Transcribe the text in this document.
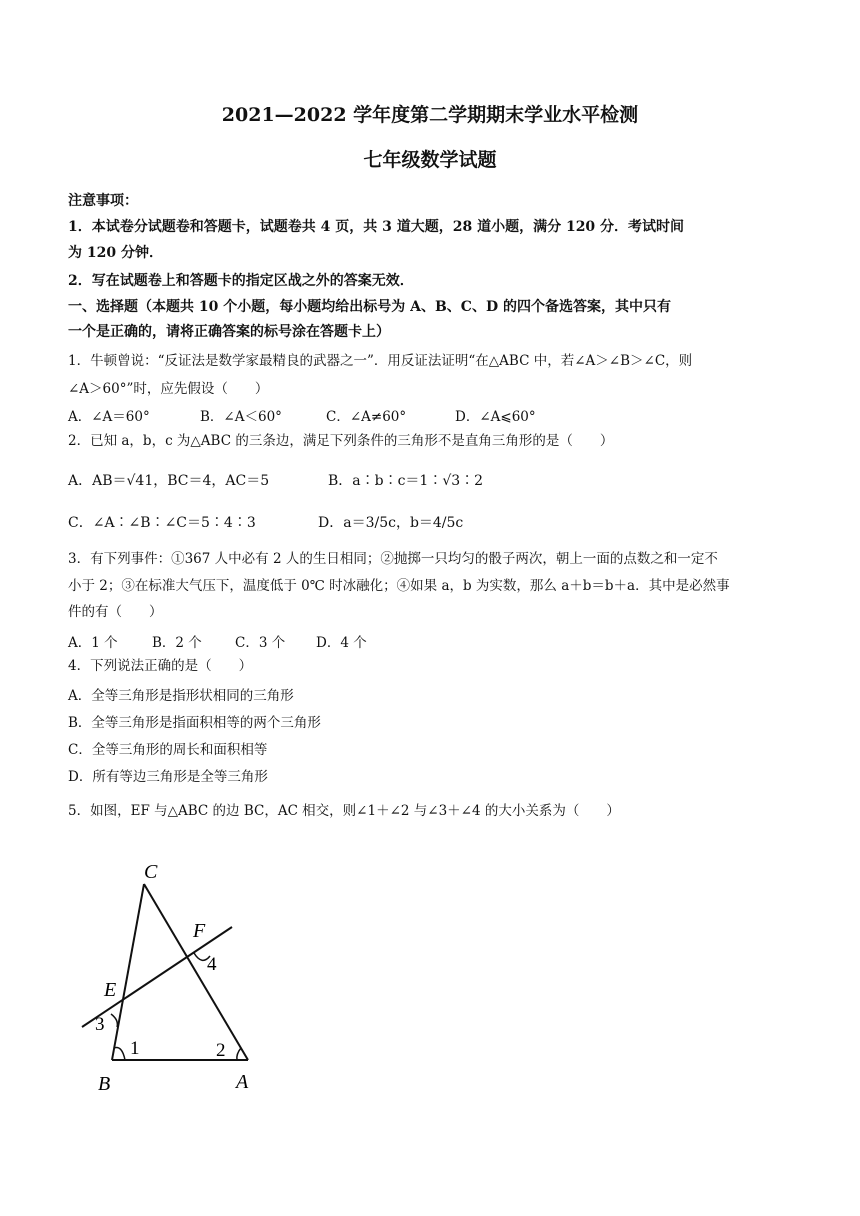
2021—2022 学年度第二学期期末学业水平检测
七年级数学试题
注意事项：
1．本试卷分试题卷和答题卡，试题卷共 4 页，共 3 道大题，28 道小题，满分 120 分．考试时间
为 120 分钟．
2．写在试题卷上和答题卡的指定区战之外的答案无效．
一、选择题（本题共 10 个小题，每小题均给出标号为 A、B、C、D 的四个备选答案，其中只有
一个是正确的，请将正确答案的标号涂在答题卡上）
1．牛顿曾说：“反证法是数学家最精良的武器之一”．用反证法证明“在△ABC 中，若∠A＞∠B＞∠C，则
∠A＞60°”时，应先假设（　　）
A．∠A＝60°	B．∠A＜60°	C．∠A≠60°	D．∠A⩽60°
2．已知 a，b，c 为△ABC 的三条边，满足下列条件的三角形不是直角三角形的是（　　）
A．AB＝√41，BC＝4，AC＝5	B．a∶b∶c＝1∶√3∶2
C．∠A∶∠B∶∠C＝5∶4∶3	D．a＝3/5c，b＝4/5c
3．有下列事件：①367 人中必有 2 人的生日相同；②抛掷一只均匀的骰子两次，朝上一面的点数之和一定不
小于 2；③在标准大气压下，温度低于 0℃ 时冰融化；④如果 a，b 为实数，那么 a＋b＝b＋a．其中是必然事
件的有（　　）
A．1 个	B．2 个 C．3 个 D．4 个
4．下列说法正确的是（　　）
A．全等三角形是指形状相同的三角形
B．全等三角形是指面积相等的两个三角形
C．全等三角形的周长和面积相等
D．所有等边三角形是全等三角形
5．如图，EF 与△ABC 的边 BC，AC 相交，则∠1＋∠2 与∠3＋∠4 的大小关系为（　　）
C
F
E
B	A
1	2
3
4
